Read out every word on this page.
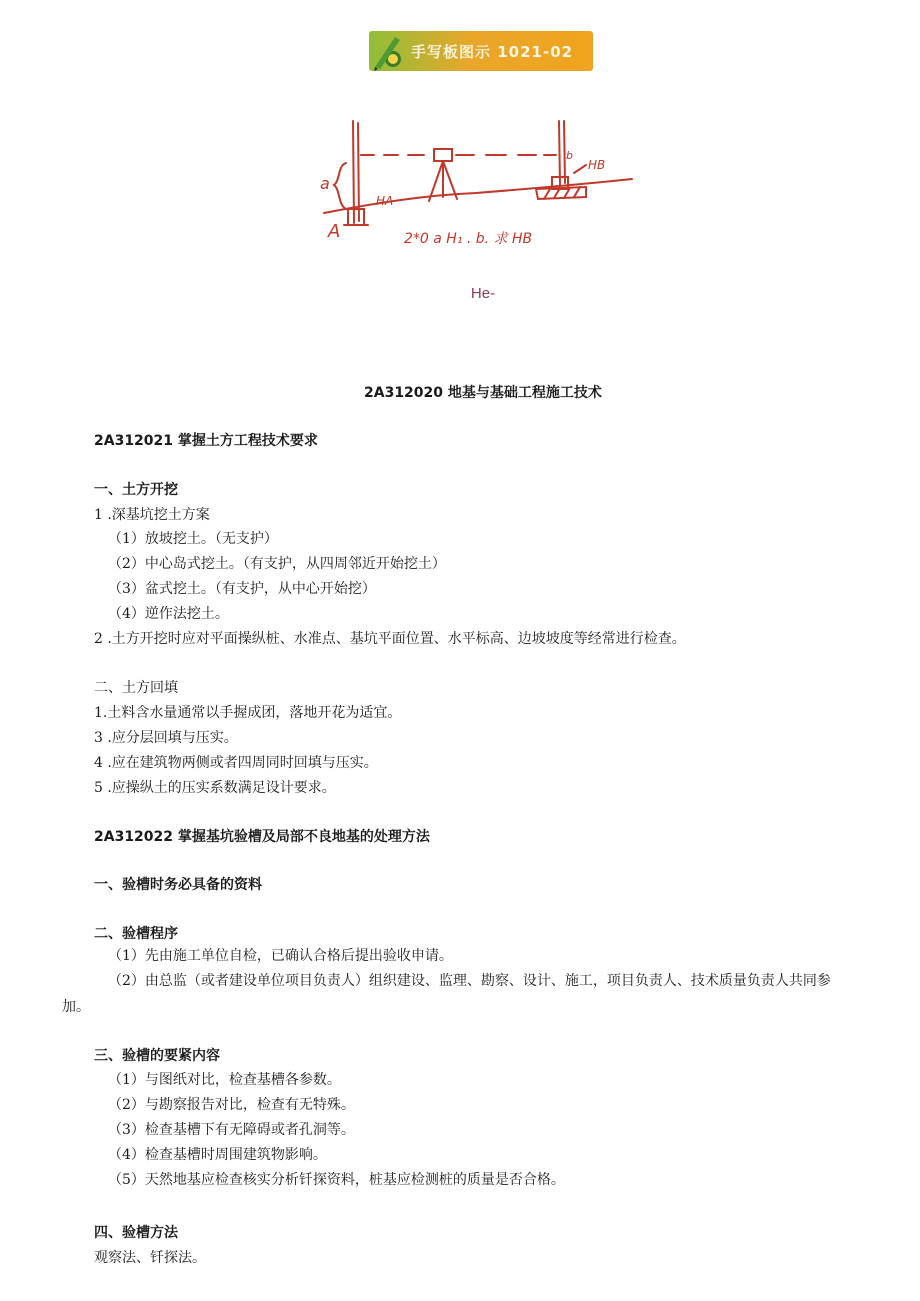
手写板图示 1021-02
a
HA
HB
b
A	2*0 a H₁ . b. 求 HB
He-
2A312020 地基与基础工程施工技术
2A312021 掌握土方工程技术要求
一、土方开挖
1 .深基坑挖土方案
（1）放坡挖土。（无支护）
（2）中心岛式挖土。（有支护，从四周邻近开始挖土）
（3）盆式挖土。（有支护，从中心开始挖）
（4）逆作法挖土。
2 .土方开挖时应对平面操纵桩、水准点、基坑平面位置、水平标高、边坡坡度等经常进行检查。
二、土方回填
1.土料含水量通常以手握成团，落地开花为适宜。
3 .应分层回填与压实。
4 .应在建筑物两侧或者四周同时回填与压实。
5 .应操纵土的压实系数满足设计要求。
2A312022 掌握基坑验槽及局部不良地基的处理方法
一、验槽时务必具备的资料
二、验槽程序
（1）先由施工单位自检，已确认合格后提出验收申请。
（2）由总监（或者建设单位项目负责人）组织建设、监理、勘察、设计、施工，项目负责人、技术质量负责人共同参
加。
三、验槽的要紧内容
（1）与图纸对比，检查基槽各参数。
（2）与勘察报告对比，检查有无特殊。
（3）检查基槽下有无障碍或者孔洞等。
（4）检查基槽时周围建筑物影响。
（5）天然地基应检查核实分析钎探资料，桩基应检测桩的质量是否合格。
四、验槽方法
观察法、钎探法。
